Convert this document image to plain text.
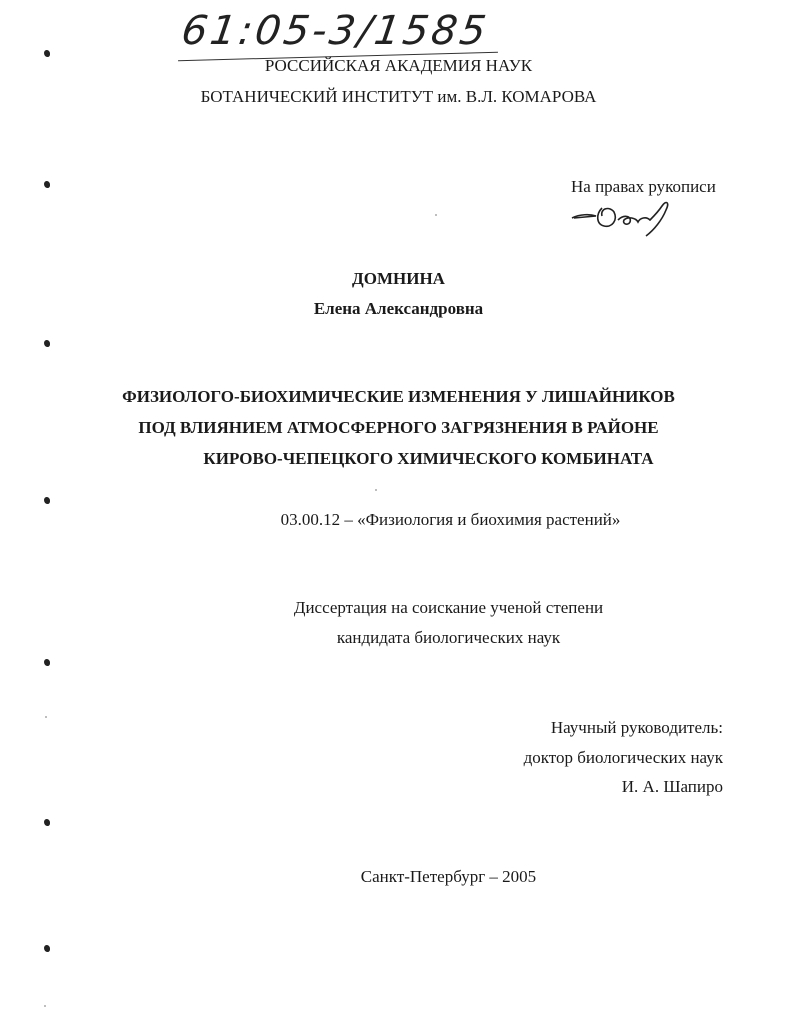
61:05-3/1585
РОССИЙСКАЯ АКАДЕМИЯ НАУК
БОТАНИЧЕСКИЙ ИНСТИТУТ им. В.Л. КОМАРОВА
На правах рукописи
ДОМНИНА
Елена Александровна
ФИЗИОЛОГО-БИОХИМИЧЕСКИЕ ИЗМЕНЕНИЯ У ЛИШАЙНИКОВ
ПОД ВЛИЯНИЕМ АТМОСФЕРНОГО ЗАГРЯЗНЕНИЯ В РАЙОНЕ
КИРОВО-ЧЕПЕЦКОГО ХИМИЧЕСКОГО КОМБИНАТА
03.00.12 – «Физиология и биохимия растений»
Диссертация на соискание ученой степени
кандидата биологических наук
Научный руководитель:
доктор биологических наук
И. А. Шапиро
Санкт-Петербург – 2005
